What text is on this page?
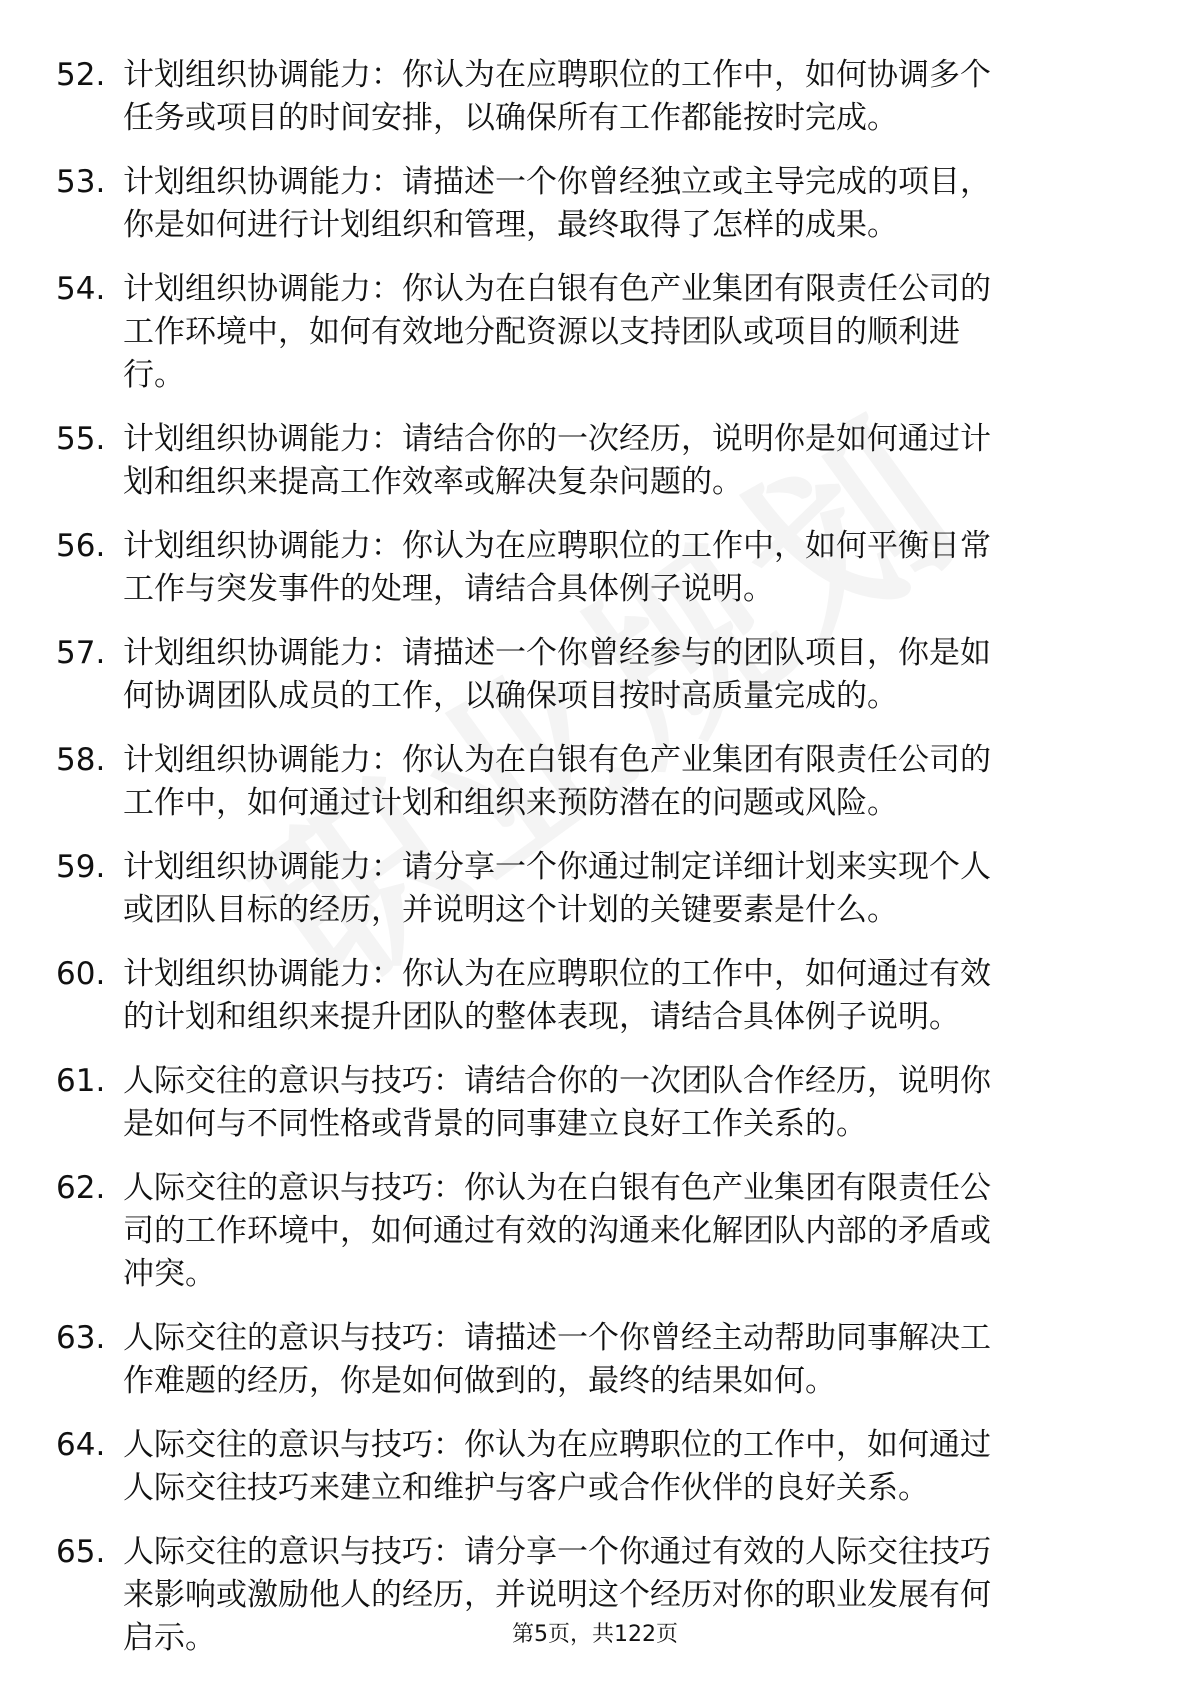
52. 计划组织协调能力：你认为在应聘职位的工作中，如何协调多个
任务或项目的时间安排，以确保所有工作都能按时完成。
53. 计划组织协调能力：请描述一个你曾经独立或主导完成的项目，
你是如何进行计划组织和管理，最终取得了怎样的成果。
54. 计划组织协调能力：你认为在白银有色产业集团有限责任公司的
工作环境中，如何有效地分配资源以支持团队或项目的顺利进
行。
55. 计划组织协调能力：请结合你的一次经历，说明你是如何通过计
划和组织来提高工作效率或解决复杂问题的。
56. 计划组织协调能力：你认为在应聘职位的工作中，如何平衡日常
工作与突发事件的处理，请结合具体例子说明。
57. 计划组织协调能力：请描述一个你曾经参与的团队项目，你是如
何协调团队成员的工作，以确保项目按时高质量完成的。
58. 计划组织协调能力：你认为在白银有色产业集团有限责任公司的
工作中，如何通过计划和组织来预防潜在的问题或风险。
59. 计划组织协调能力：请分享一个你通过制定详细计划来实现个人
或团队目标的经历，并说明这个计划的关键要素是什么。
60. 计划组织协调能力：你认为在应聘职位的工作中，如何通过有效
的计划和组织来提升团队的整体表现，请结合具体例子说明。
61. 人际交往的意识与技巧：请结合你的一次团队合作经历，说明你
是如何与不同性格或背景的同事建立良好工作关系的。
62. 人际交往的意识与技巧：你认为在白银有色产业集团有限责任公
司的工作环境中，如何通过有效的沟通来化解团队内部的矛盾或
冲突。
63. 人际交往的意识与技巧：请描述一个你曾经主动帮助同事解决工
作难题的经历，你是如何做到的，最终的结果如何。
64. 人际交往的意识与技巧：你认为在应聘职位的工作中，如何通过
人际交往技巧来建立和维护与客户或合作伙伴的良好关系。
65. 人际交往的意识与技巧：请分享一个你通过有效的人际交往技巧
来影响或激励他人的经历，并说明这个经历对你的职业发展有何
启示。	第5页，共122页
